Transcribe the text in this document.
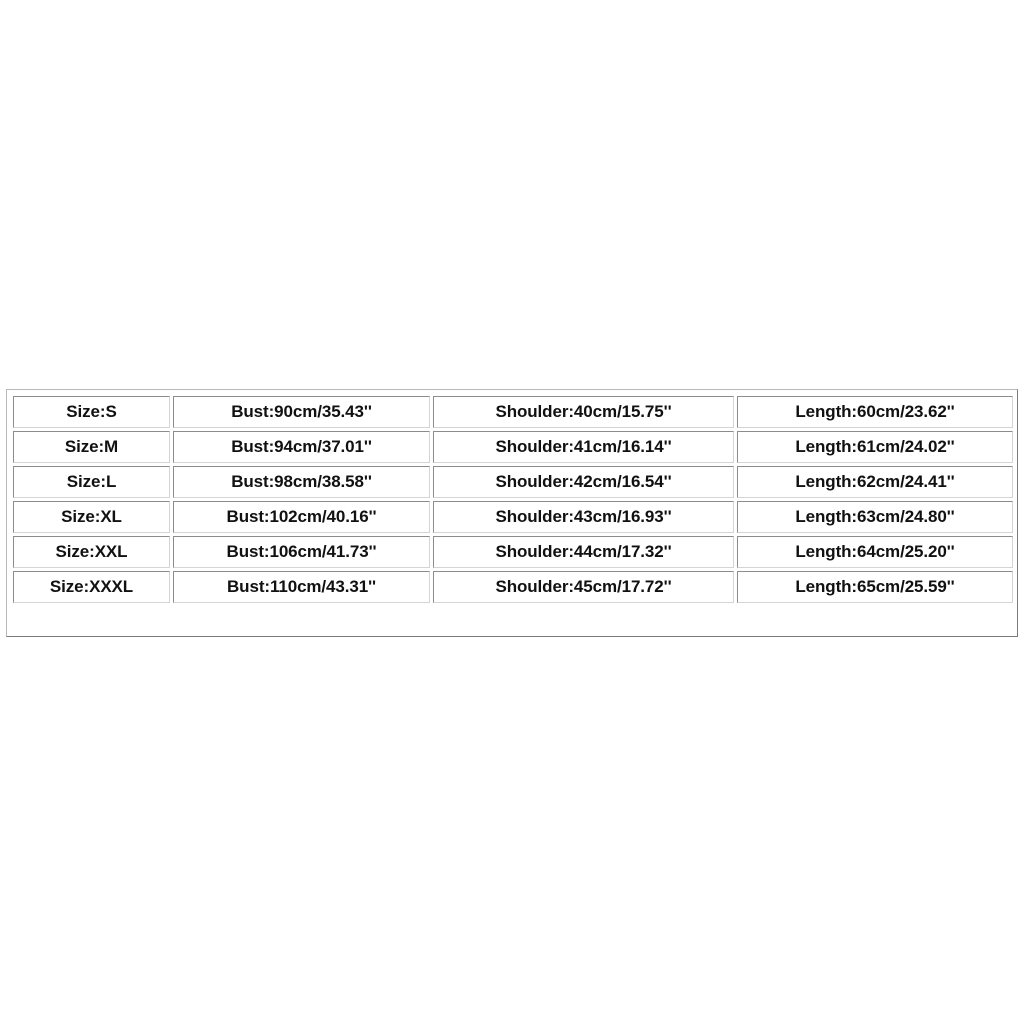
Size:S	Bust:90cm/35.43''	Shoulder:40cm/15.75''	Length:60cm/23.62''
Size:M	Bust:94cm/37.01''	Shoulder:41cm/16.14''	Length:61cm/24.02''
Size:L	Bust:98cm/38.58''	Shoulder:42cm/16.54''	Length:62cm/24.41''
Size:XL	Bust:102cm/40.16''	Shoulder:43cm/16.93''	Length:63cm/24.80''
Size:XXL	Bust:106cm/41.73''	Shoulder:44cm/17.32''	Length:64cm/25.20''
Size:XXXL	Bust:110cm/43.31''	Shoulder:45cm/17.72''	Length:65cm/25.59''
